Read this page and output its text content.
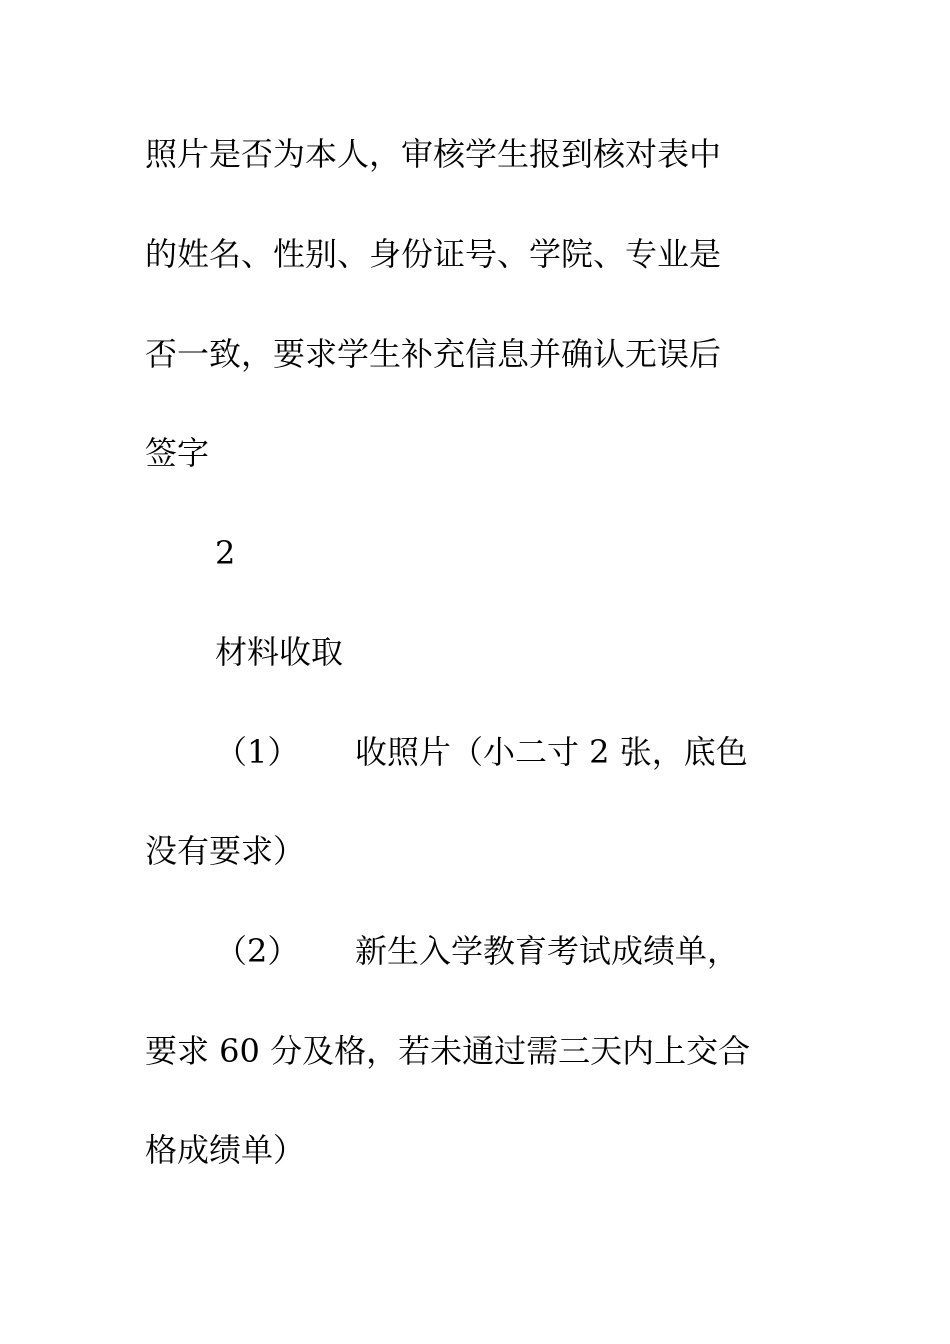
照片是否为本人，审核学生报到核对表中
的姓名、性别、身份证号、学院、专业是
否一致，要求学生补充信息并确认无误后
签字
2
材料收取
（1） 收照片（小二寸 2 张，底色
没有要求）
（2） 新生入学教育考试成绩单，
要求 60 分及格，若未通过需三天内上交合
格成绩单）
